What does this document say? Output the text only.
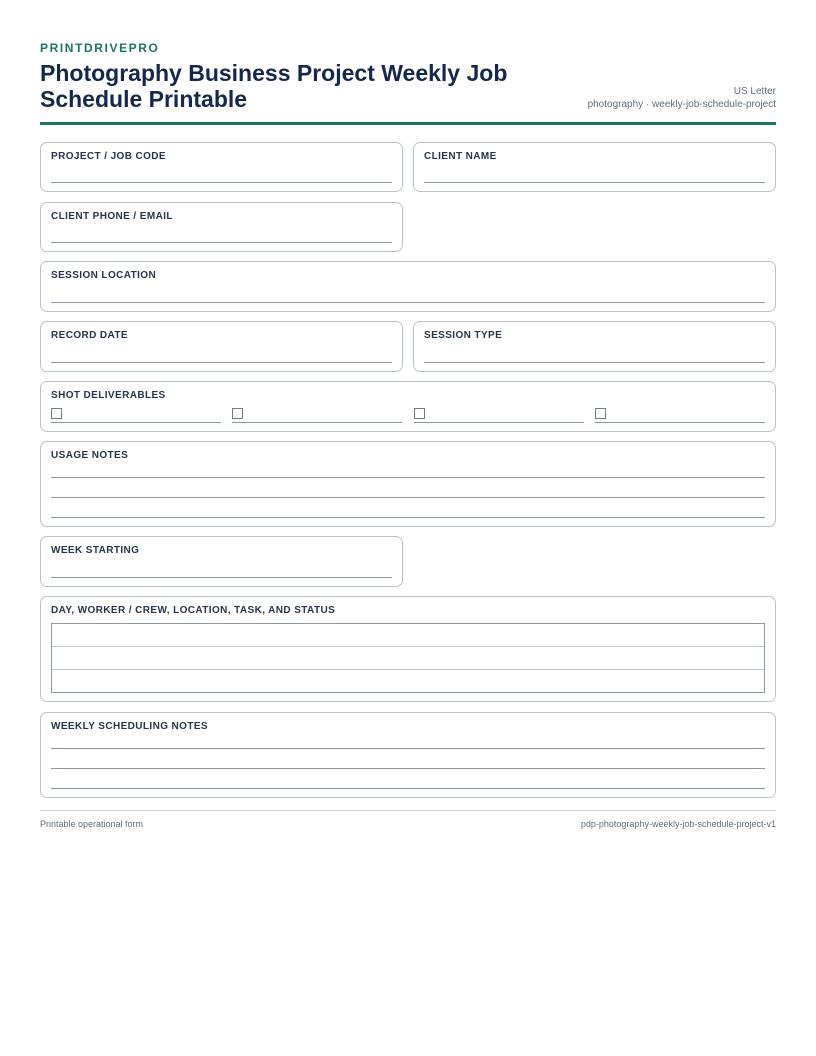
PRINTDRIVEPRO
Photography Business Project Weekly Job Schedule Printable	US Letter
photography · weekly-job-schedule-project
PROJECT / JOB CODE	CLIENT NAME
CLIENT PHONE / EMAIL
SESSION LOCATION
RECORD DATE	SESSION TYPE
SHOT DELIVERABLES
USAGE NOTES
WEEK STARTING
DAY, WORKER / CREW, LOCATION, TASK, AND STATUS

WEEKLY SCHEDULING NOTES
Printable operational form	pdp-photography-weekly-job-schedule-project-v1
